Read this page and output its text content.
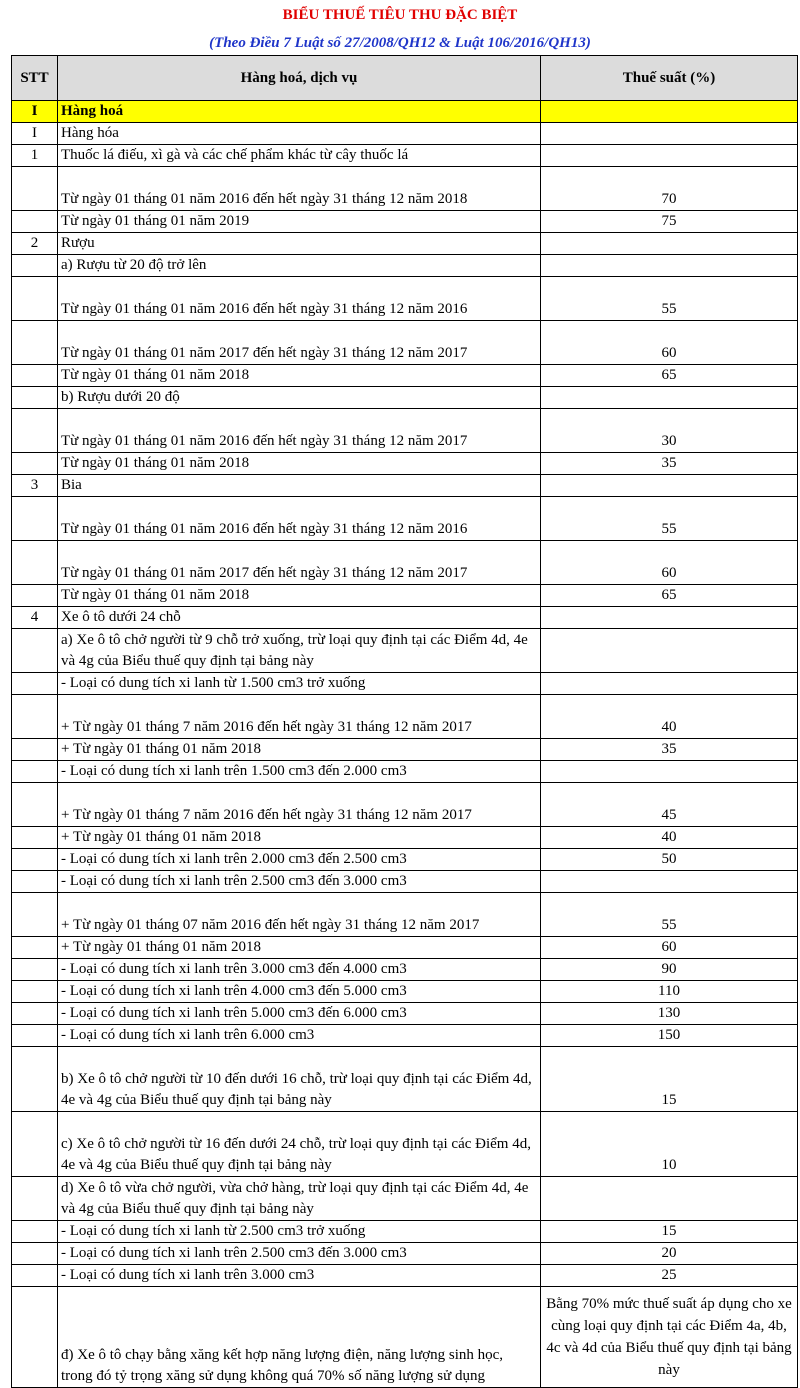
BIỂU THUẾ TIÊU THU ĐẶC BIỆT
(Theo Điều 7 Luật số 27/2008/QH12 & Luật 106/2016/QH13)
STT	Hàng hoá, dịch vụ	Thuế suất (%)
I	Hàng hoá	
I	Hàng hóa	
1	Thuốc lá điếu, xì gà và các chế phẩm khác từ cây thuốc lá	
	Từ ngày 01 tháng 01 năm 2016 đến hết ngày 31 tháng 12 năm 2018	70
	Từ ngày 01 tháng 01 năm 2019	75
2	Rượu	
	a) Rượu từ 20 độ trở lên	
	Từ ngày 01 tháng 01 năm 2016 đến hết ngày 31 tháng 12 năm 2016	55
	Từ ngày 01 tháng 01 năm 2017 đến hết ngày 31 tháng 12 năm 2017	60
	Từ ngày 01 tháng 01 năm 2018	65
	b) Rượu dưới 20 độ	
	Từ ngày 01 tháng 01 năm 2016 đến hết ngày 31 tháng 12 năm 2017	30
	Từ ngày 01 tháng 01 năm 2018	35
3	Bia	
	Từ ngày 01 tháng 01 năm 2016 đến hết ngày 31 tháng 12 năm 2016	55
	Từ ngày 01 tháng 01 năm 2017 đến hết ngày 31 tháng 12 năm 2017	60
	Từ ngày 01 tháng 01 năm 2018	65
4	Xe ô tô dưới 24 chỗ	
	a) Xe ô tô chở người từ 9 chỗ trở xuống, trừ loại quy định tại các Điểm 4d, 4e và 4g của Biểu thuế quy định tại bảng này	
	- Loại có dung tích xi lanh từ 1.500 cm3 trở xuống	
	+ Từ ngày 01 tháng 7 năm 2016 đến hết ngày 31 tháng 12 năm 2017	40
	+ Từ ngày 01 tháng 01 năm 2018	35
	- Loại có dung tích xi lanh trên 1.500 cm3 đến 2.000 cm3	
	+ Từ ngày 01 tháng 7 năm 2016 đến hết ngày 31 tháng 12 năm 2017	45
	+ Từ ngày 01 tháng 01 năm 2018	40
	- Loại có dung tích xi lanh trên 2.000 cm3 đến 2.500 cm3	50
	- Loại có dung tích xi lanh trên 2.500 cm3 đến 3.000 cm3	
	+ Từ ngày 01 tháng 07 năm 2016 đến hết ngày 31 tháng 12 năm 2017	55
	+ Từ ngày 01 tháng 01 năm 2018	60
	- Loại có dung tích xi lanh trên 3.000 cm3 đến 4.000 cm3	90
	- Loại có dung tích xi lanh trên 4.000 cm3 đến 5.000 cm3	110
	- Loại có dung tích xi lanh trên 5.000 cm3 đến 6.000 cm3	130
	- Loại có dung tích xi lanh trên 6.000 cm3	150
	b) Xe ô tô chở người từ 10 đến dưới 16 chỗ, trừ loại quy định tại các Điểm 4d, 4e và 4g của Biểu thuế quy định tại bảng này	15
	c) Xe ô tô chở người từ 16 đến dưới 24 chỗ, trừ loại quy định tại các Điểm 4d, 4e và 4g của Biểu thuế quy định tại bảng này	10
	d) Xe ô tô vừa chở người, vừa chở hàng, trừ loại quy định tại các Điểm 4d, 4e và 4g của Biểu thuế quy định tại bảng này	
	- Loại có dung tích xi lanh từ 2.500 cm3 trở xuống	15
	- Loại có dung tích xi lanh trên 2.500 cm3 đến 3.000 cm3	20
	- Loại có dung tích xi lanh trên 3.000 cm3	25
	đ) Xe ô tô chạy bằng xăng kết hợp năng lượng điện, năng lượng sinh học, trong đó tỷ trọng xăng sử dụng không quá 70% số năng lượng sử dụng	Bằng 70% mức thuế suất áp dụng cho xe cùng loại quy định tại các Điểm 4a, 4b, 4c và 4d của Biểu thuế quy định tại bảng này
